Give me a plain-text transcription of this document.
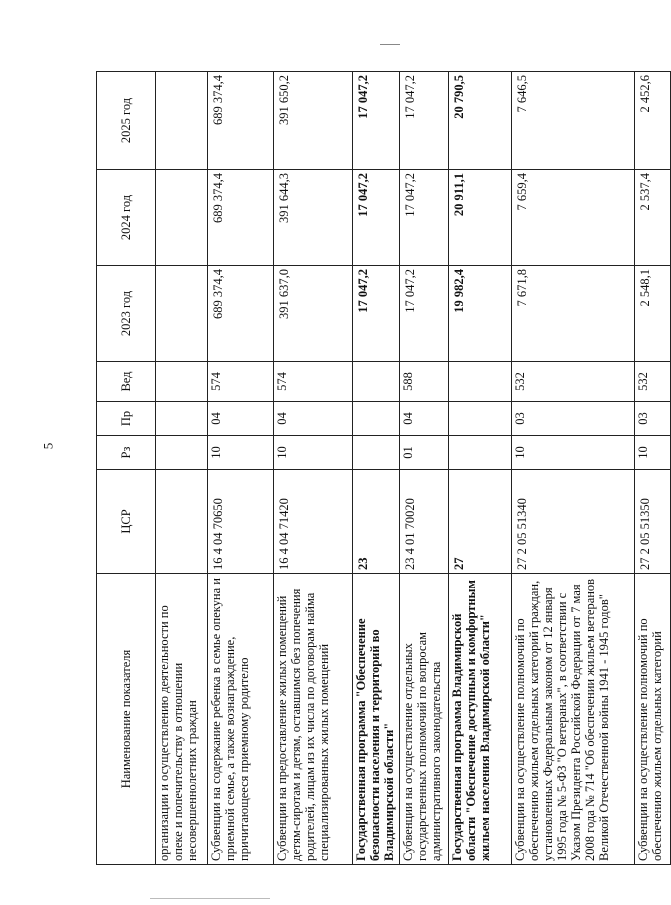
5
Наименование показателя	ЦСР	Рз	Пр	Вед	2023 год	2024 год	2025 год
организации и осуществлению деятельности по опеке и попечительству в отношении несовершеннолетних граждан							
Субвенции на содержание ребенка в семье опекуна и приемной семье, а также вознаграждение, причитающееся приемному родителю	16 4 04 70650	10	04	574	689 374,4	689 374,4	689 374,4
Субвенции на предоставление жилых помещений детям-сиротам и детям, оставшимся без попечения родителей, лицам из их числа по договорам найма специализированных жилых помещений	16 4 04 71420	10	04	574	391 637,0	391 644,3	391 650,2
Государственная программа "Обеспечение безопасности населения и территорий во Владимирской области"	23				17 047,2	17 047,2	17 047,2
Субвенции на осуществление отдельных государственных полномочий по вопросам административного законодательства	23 4 01 70020	01	04	588	17 047,2	17 047,2	17 047,2
Государственная программа Владимирской области "Обеспечение доступным и комфортным жильем населения Владимирской области"	27				19 982,4	20 911,1	20 790,5
Субвенции на осуществление полномочий по обеспечению жильем отдельных категорий граждан, установленных Федеральным законом от 12 января 1995 года № 5-ФЗ "О ветеранах", в соответствии с Указом Президента Российской Федерации от 7 мая 2008 года № 714 "Об обеспечении жильем ветеранов Великой Отечественной войны 1941 - 1945 годов"	27 2 05 51340	10	03	532	7 671,8	7 659,4	7 646,5
Субвенции на осуществление полномочий по обеспечению жильем отдельных категорий	27 2 05 51350	10	03	532	2 548,1	2 537,4	2 452,6
